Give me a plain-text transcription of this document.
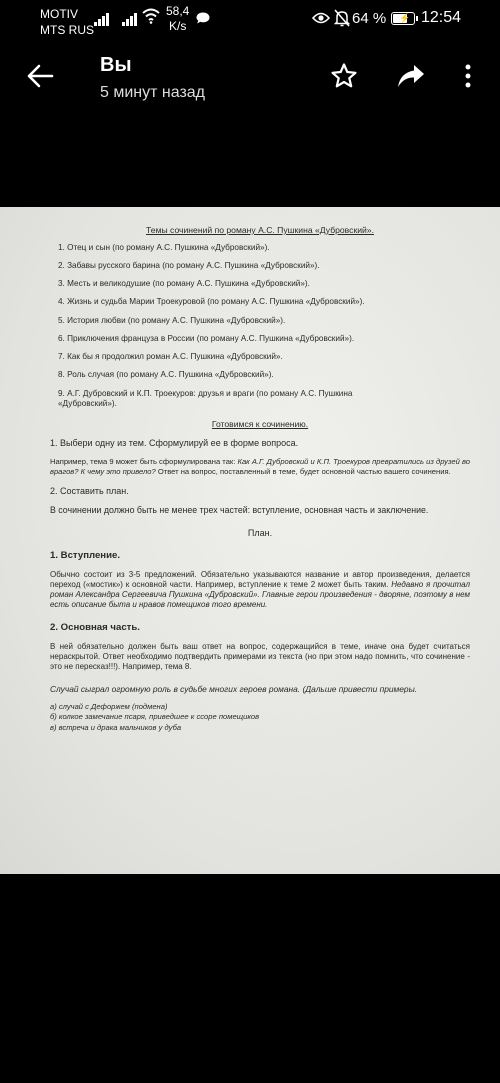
MOTIV
MTS RUS
58,4
K/s	64 % ⚡ 12:54
Вы
5 минут назад

Темы сочинений по роману А.С. Пушкина «Дубровский».

1. Отец и сын (по роману А.С. Пушкина «Дубровский»).

2. Забавы русского барина (по роману А.С. Пушкина «Дубровский»).

3. Месть и великодушие (по роману А.С. Пушкина «Дубровский»).

4. Жизнь и судьба Марии Троекуровой (по роману А.С. Пушкина «Дубровский»).

5. История любви (по роману А.С. Пушкина «Дубровский»).

6. Приключения француза в России (по роману А.С. Пушкина «Дубровский»).

7. Как бы я продолжил роман А.С. Пушкина «Дубровский».

8. Роль случая (по роману А.С. Пушкина «Дубровский»).

9. А.Г. Дубровский и К.П. Троекуров: друзья и враги (по роману А.С. Пушкина

«Дубровский»).

Готовимся к сочинению.

1. Выбери одну из тем. Сформулируй ее в форме вопроса.

Например, тема 9 может быть сформулирована так: Как А.Г. Дубровский и К.П. Троекуров превратились из друзей во врагов? К чему это привело? Ответ на вопрос, поставленный в теме, будет основной частью вашего сочинения.

2. Составить план.

В сочинении должно быть не менее трех частей: вступление, основная часть и заключение.

План.

1. Вступление.

Обычно состоит из 3-5 предложений. Обязательно указываются название и автор произведения, делается переход («мостик») к основной части. Например, вступление к теме 2 может быть таким. Недавно я прочитал роман Александра Сергеевича Пушкина «Дубровский». Главные герои произведения - дворяне, поэтому в нем есть описание быта и нравов помещиков того времени.

2. Основная часть.

В ней обязательно должен быть ваш ответ на вопрос, содержащийся в теме, иначе она будет считаться нераскрытой. Ответ необходимо подтвердить примерами из текста (но при этом надо помнить, что сочинение - это не пересказ!!!). Например, тема 8.

Случай сыграл огромную роль в судьбе многих героев романа. (Дальше привести примеры.

а) случай с Дефоржем (подмена)
б) колкое замечание псаря, приведшее к ссоре помещиков
в) встреча и драка мальчиков у дуба
